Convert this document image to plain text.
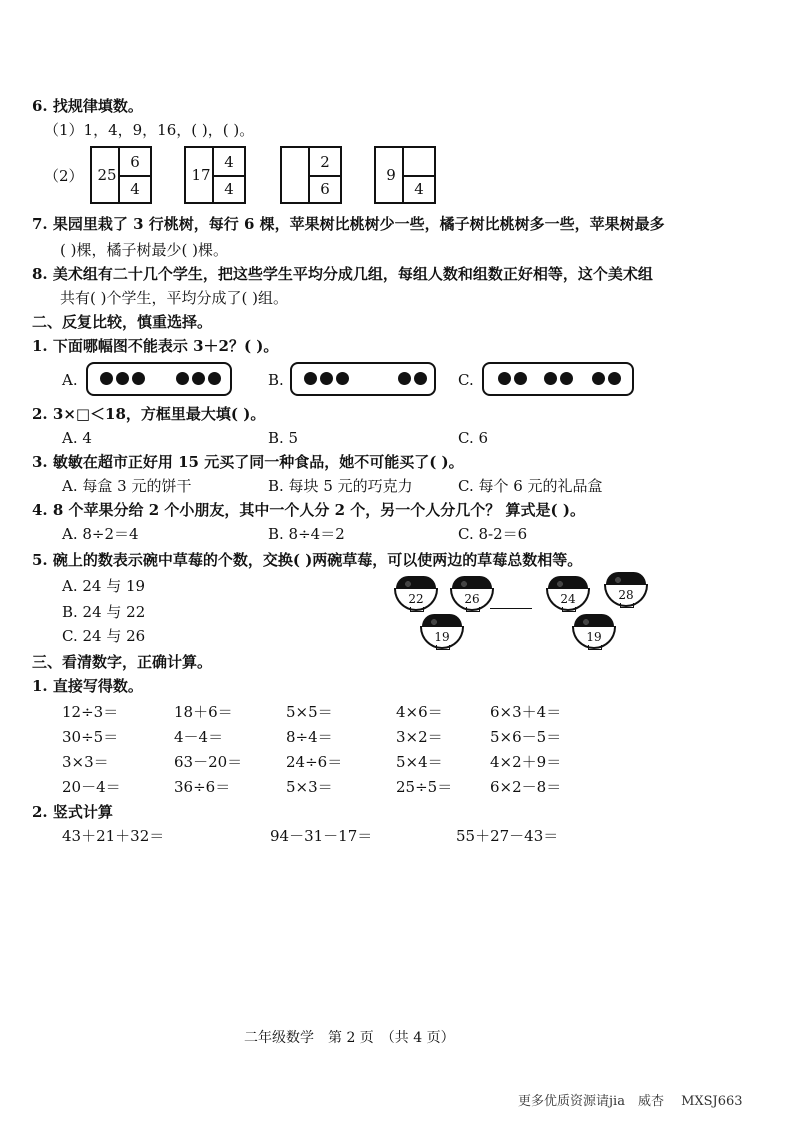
6. 找规律填数。
（1）1，4，9，16，( )，( )。
（2） 25
6
4
17
4
4
2
6
9
4
7. 果园里栽了 3 行桃树，每行 6 棵，苹果树比桃树少一些，橘子树比桃树多一些，苹果树最多
( )棵，橘子树最少( )棵。
8. 美术组有二十几个学生，把这些学生平均分成几组，每组人数和组数正好相等，这个美术组
共有( )个学生，平均分成了( )组。
二、反复比较，慎重选择。
1. 下面哪幅图不能表示 3＋2？( )。
A.	B.	C.
2. 3×□＜18，方框里最大填( )。
A. 4	B. 5	C. 6
3. 敏敏在超市正好用 15 元买了同一种食品，她不可能买了( )。
A. 每盒 3 元的饼干	B. 每块 5 元的巧克力	C. 每个 6 元的礼品盒
4. 8 个苹果分给 2 个小朋友，其中一个人分 2 个，另一个人分几个？ 算式是( )。
A. 8÷2＝4	B. 8÷4＝2	C. 8-2＝6
5. 碗上的数表示碗中草莓的个数，交换( )两碗草莓，可以使两边的草莓总数相等。
A. 24 与 19
B. 24 与 22
C. 24 与 26
22	26	24	28
19	19
三、看清数字，正确计算。
1. 直接写得数。
12÷3＝	18＋6＝	5×5＝	4×6＝	6×3＋4＝
30÷5＝	4－4＝	8÷4＝	3×2＝	5×6－5＝
3×3＝	63－20＝	24÷6＝	5×4＝	4×2＋9＝
20－4＝	36÷6＝	5×3＝	25÷5＝	6×2－8＝
2. 竖式计算
43＋21＋32＝	94－31－17＝	55＋27－43＝
二年级数学　第 2 页　（共 4 页）
更多优质资源请jia　威杏　 MXSJ663
